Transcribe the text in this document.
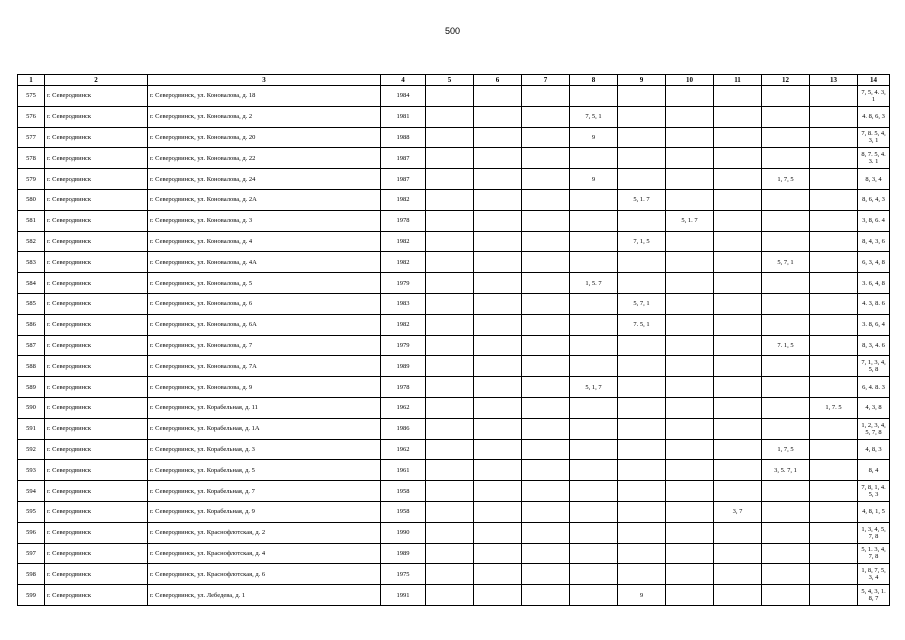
500
1	2	3	4	5	6	7	8	9	10	11	12	13	14
575	г. Северодвинск	г. Северодвинск, ул. Коновалова, д. 18	1984										7, 5, 4. 3, 1
576	г. Северодвинск	г. Северодвинск, ул. Коновалова, д. 2	1981				7, 5, 1						4. 8, 6, 3
577	г. Северодвинск	г. Северодвинск, ул. Коновалова, д. 20	1988				9						7, 8. 5, 4, 3, 1
578	г. Северодвинск	г. Северодвинск, ул. Коновалова, д. 22	1987										8, 7. 5, 4. 3. 1
579	г. Северодвинск	г. Северодвинск, ул. Коновалова, д. 24	1987				9				1, 7, 5		8, 3, 4
580	г. Северодвинск	г. Северодвинск, ул. Коновалова, д. 2А	1982					5, 1. 7					8, 6, 4, 3
581	г. Северодвинск	г. Северодвинск, ул. Коновалова, д. 3	1978						5, 1. 7				3, 8, 6. 4
582	г. Северодвинск	г. Северодвинск, ул. Коновалова, д. 4	1982					7, 1, 5					8, 4, 3, 6
583	г. Северодвинск	г. Северодвинск, ул. Коновалова, д. 4А	1982								5, 7, 1		6, 3, 4, 8
584	г. Северодвинск	г. Северодвинск, ул. Коновалова, д. 5	1979				1, 5. 7						3. 6, 4, 8
585	г. Северодвинск	г. Северодвинск, ул. Коновалова, д. 6	1983					5, 7, 1					4. 3, 8. 6
586	г. Северодвинск	г. Северодвинск, ул. Коновалова, д. 6А	1982					7. 5, 1					3. 8, 6, 4
587	г. Северодвинск	г. Северодвинск, ул. Коновалова, д. 7	1979								7. 1, 5		8, 3, 4. 6
588	г. Северодвинск	г. Северодвинск, ул. Коновалова, д. 7А	1989										7, 1, 3, 4, 5, 8
589	г. Северодвинск	г. Северодвинск, ул. Коновалова, д. 9	1978				5, 1, 7						6, 4. 8. 3
590	г. Северодвинск	г. Северодвинск, ул. Корабельная, д. 11	1962									1, 7. 5	4, 3, 8
591	г. Северодвинск	г. Северодвинск, ул. Корабельная, д. 1А	1986										1, 2, 3, 4, 5, 7, 8
592	г. Северодвинск	г. Северодвинск, ул. Корабельная, д. 3	1962								1, 7, 5		4, 8, 3
593	г. Северодвинск	г. Северодвинск, ул. Корабельная, д. 5	1961								3, 5. 7, 1		8, 4
594	г. Северодвинск	г. Северодвинск, ул. Корабельная, д. 7	1958										7, 8, 1, 4. 5, 3
595	г. Северодвинск	г. Северодвинск, ул. Корабельная, д. 9	1958							3, 7			4, 8, 1, 5
596	г. Северодвинск	г. Северодвинск, ул. Краснофлотская, д. 2	1990										1, 3, 4, 5, 7, 8
597	г. Северодвинск	г. Северодвинск, ул. Краснофлотская, д. 4	1989										5, 1. 3, 4, 7, 8
598	г. Северодвинск	г. Северодвинск, ул. Краснофлотская, д. 6	1975										1, 8, 7, 5, 3, 4
599	г. Северодвинск	г. Северодвинск, ул. Лебедева, д. 1	1991					9					5, 4, 3, 1. 8, 7
